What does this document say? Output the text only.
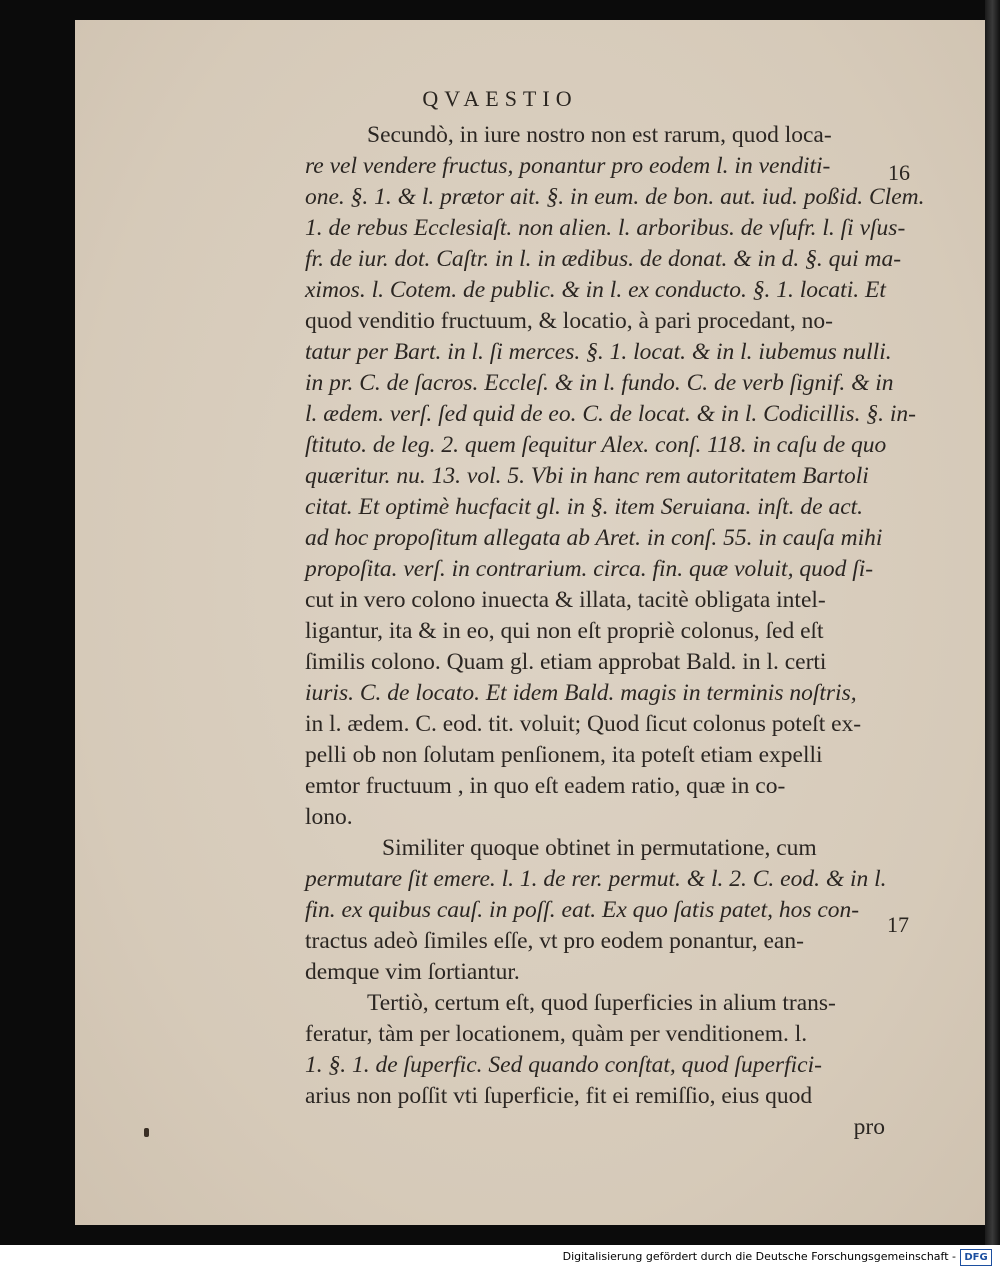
QVAESTIO
Secundò, in iure nostro non est rarum, quod loca-
re vel vendere fructus, ponantur pro eodem l. in venditi-
one. §. 1. & l. prætor ait. §. in eum. de bon. aut. iud. poßid. Clem.
1. de rebus Ecclesiaſt. non alien. l. arboribus. de vſufr. l. ſi vſus-
fr. de iur. dot. Caſtr. in l. in ædibus. de donat. & in d. §. qui ma-
ximos. l. Cotem. de public. & in l. ex conducto. §. 1. locati. Et
quod venditio fructuum, & locatio, à pari procedant, no-
tatur per Bart. in l. ſi merces. §. 1. locat. & in l. iubemus nulli.
in pr. C. de ſacros. Eccleſ. & in l. fundo. C. de verb ſignif. & in
l. ædem. verſ. ſed quid de eo. C. de locat. & in l. Codicillis. §. in-
ſtituto. de leg. 2. quem ſequitur Alex. conſ. 118. in caſu de quo
quæritur. nu. 13. vol. 5. Vbi in hanc rem autoritatem Bartoli
citat. Et optimè hucfacit gl. in §. item Seruiana. inſt. de act.
ad hoc propoſitum allegata ab Aret. in conſ. 55. in cauſa mihi
propoſita. verſ. in contrarium. circa. fin. quæ voluit, quod ſi-
cut in vero colono inuecta & illata, tacitè obligata intel-
ligantur, ita & in eo, qui non eſt propriè colonus, ſed eſt
ſimilis colono. Quam gl. etiam approbat Bald. in l. certi
iuris. C. de locato. Et idem Bald. magis in terminis noſtris,
in l. ædem. C. eod. tit. voluit; Quod ſicut colonus poteſt ex-
pelli ob non ſolutam penſionem, ita poteſt etiam expelli
emtor fructuum , in quo eſt eadem ratio, quæ in co-
lono.
Similiter quoque obtinet in permutatione, cum
permutare ſit emere. l. 1. de rer. permut. & l. 2. C. eod. & in l.
fin. ex quibus cauſ. in poſſ. eat. Ex quo ſatis patet, hos con-
tractus adeò ſimiles eſſe, vt pro eodem ponantur, ean-
demque vim ſortiantur.
Tertiò, certum eſt, quod ſuperficies in alium trans-
feratur, tàm per locationem, quàm per venditionem. l.
1. §. 1. de ſuperfic. Sed quando conſtat, quod ſuperfici-
arius non poſſit vti ſuperficie, fit ei remiſſio, eius quod
pro
16
17
Digitalisierung gefördert durch die Deutsche Forschungsgemeinschaft - DFG
